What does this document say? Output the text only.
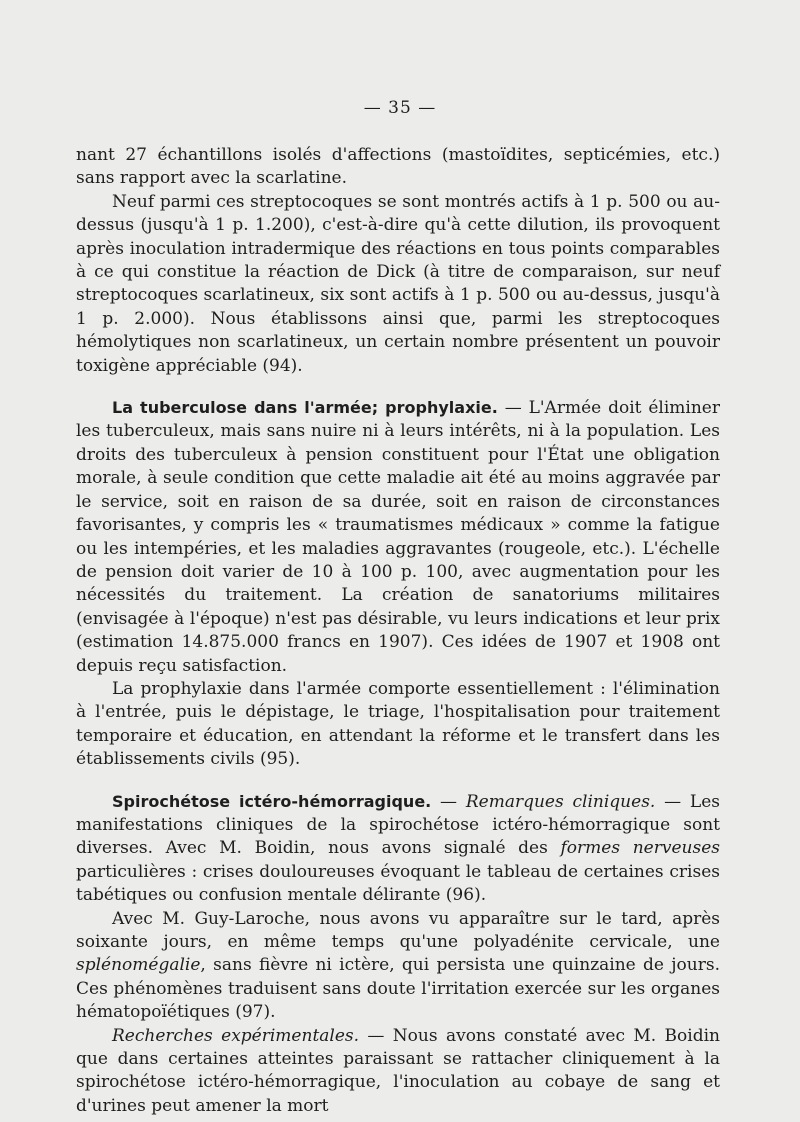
— 35 —

nant 27 échantillons isolés d'affections (mastoïdites, septicémies, etc.) sans rapport avec la scarlatine.

Neuf parmi ces streptocoques se sont montrés actifs à 1 p. 500 ou au-dessus (jusqu'à 1 p. 1.200), c'est-à-dire qu'à cette dilution, ils provoquent après inoculation intradermique des réactions en tous points comparables à ce qui constitue la réaction de Dick (à titre de comparaison, sur neuf streptocoques scarlatineux, six sont actifs à 1 p. 500 ou au-dessus, jusqu'à 1 p. 2.000). Nous établissons ainsi que, parmi les streptocoques hémolytiques non scarlatineux, un certain nombre présentent un pouvoir toxigène appréciable (94).

La tuberculose dans l'armée; prophylaxie. — L'Armée doit éliminer les tuberculeux, mais sans nuire ni à leurs intérêts, ni à la population. Les droits des tuberculeux à pension constituent pour l'État une obligation morale, à seule condition que cette maladie ait été au moins aggravée par le service, soit en raison de sa durée, soit en raison de circonstances favorisantes, y compris les « traumatismes médicaux » comme la fatigue ou les intempéries, et les maladies aggravantes (rougeole, etc.). L'échelle de pension doit varier de 10 à 100 p. 100, avec augmentation pour les nécessités du traitement. La création de sanatoriums militaires (envisagée à l'époque) n'est pas désirable, vu leurs indications et leur prix (estimation 14.875.000 francs en 1907). Ces idées de 1907 et 1908 ont depuis reçu satisfaction.

La prophylaxie dans l'armée comporte essentiellement : l'élimination à l'entrée, puis le dépistage, le triage, l'hospitalisation pour traitement temporaire et éducation, en attendant la réforme et le transfert dans les établissements civils (95).

Spirochétose ictéro-hémorragique. — Remarques cliniques. — Les manifestations cliniques de la spirochétose ictéro-hémorragique sont diverses. Avec M. Boidin, nous avons signalé des formes nerveuses particulières : crises douloureuses évoquant le tableau de certaines crises tabétiques ou confusion mentale délirante (96).

Avec M. Guy-Laroche, nous avons vu apparaître sur le tard, après soixante jours, en même temps qu'une polyadénite cervicale, une splénomégalie, sans fièvre ni ictère, qui persista une quinzaine de jours. Ces phénomènes traduisent sans doute l'irritation exercée sur les organes hématopoïétiques (97).

Recherches expérimentales. — Nous avons constaté avec M. Boidin que dans certaines atteintes paraissant se rattacher cliniquement à la spirochétose ictéro-hémorragique, l'inoculation au cobaye de sang et d'urines peut amener la mort
